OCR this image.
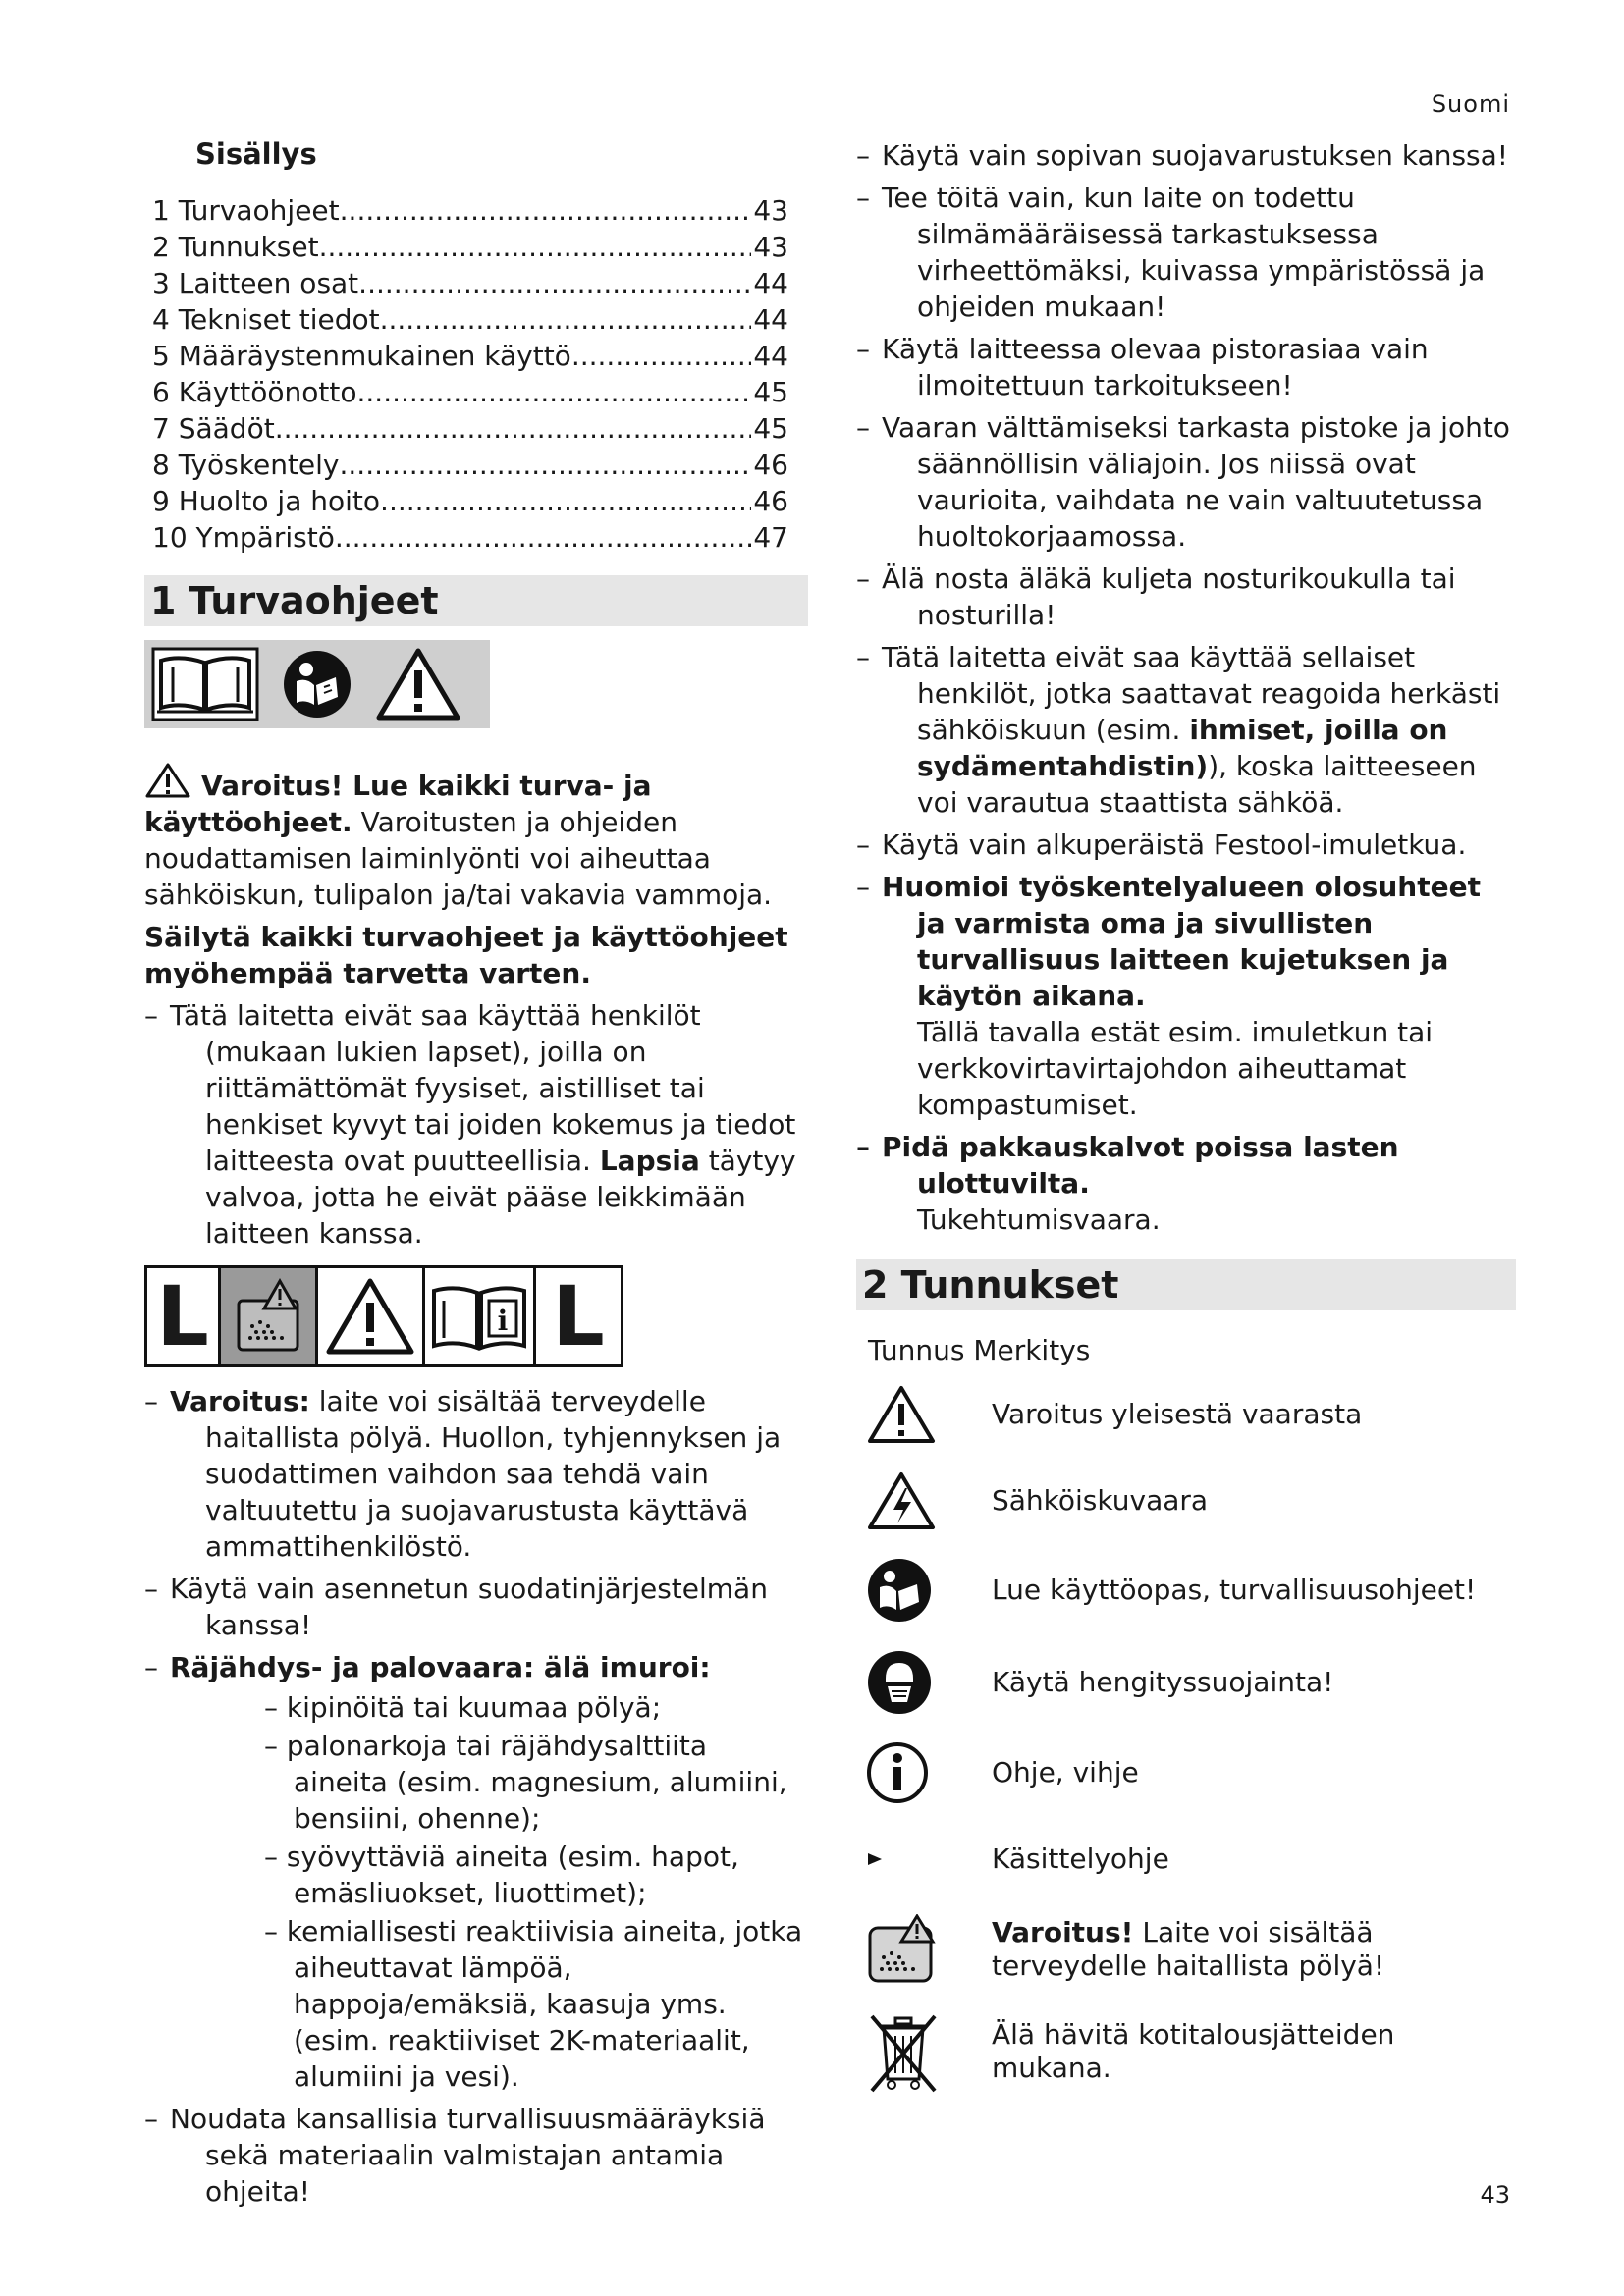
Suomi
Sisällys
1 Turvaohjeet .....	43
2 Tunnukset .....	43
3 Laitteen osat .....	44
4 Tekniset tiedot .....	44
5 Määräystenmukainen käyttö .....	44
6 Käyttöönotto .....	45
7 Säädöt .....	45
8 Työskentely .....	46
9 Huolto ja hoito .....	46
10 Ympäristö .....	47
1 Turvaohjeet

Varoitus! Lue kaikki turva- ja käyttöohjeet. Varoitusten ja ohjeiden noudattamisen laiminlyönti voi aiheuttaa sähköiskun, tulipalon ja/tai vakavia vammoja.

Säilytä kaikki turvaohjeet ja käyttöohjeet myöhempää tarvetta varten.

– Tätä laitetta eivät saa käyttää henkilöt (mukaan lukien lapset), joilla on riittämättömät fyysiset, aistilliset tai henkiset kyvyt tai joiden kokemus ja tiedot laitteesta ovat puutteellisia. Lapsia täytyy valvoa, jotta he eivät pääse leikkimään laitteen kanssa.
L	i L
– Varoitus: laite voi sisältää terveydelle haitallista pölyä. Huollon, tyhjennyksen ja suodattimen vaihdon saa tehdä vain valtuutettu ja suojavarustusta käyttävä ammattihenkilöstö.
– Käytä vain asennetun suodatinjärjestelmän kanssa!
– Räjähdys- ja palovaara: älä imuroi:
– kipinöitä tai kuumaa pölyä;
– palonarkoja tai räjähdysalttiita aineita (esim. magnesium, alumiini, bensiini, ohenne);
– syövyttäviä aineita (esim. hapot, emäsliuokset, liuottimet);
– kemiallisesti reaktiivisia aineita, jotka aiheuttavat lämpöä, happoja/emäksiä, kaasuja yms. (esim. reaktiiviset 2K-materiaalit, alumiini ja vesi).
– Noudata kansallisia turvallisuusmääräyksiä sekä materiaalin valmistajan antamia ohjeita!
– Käytä vain sopivan suojavarustuksen kanssa!
– Tee töitä vain, kun laite on todettu silmämääräisessä tarkastuksessa virheettömäksi, kuivassa ympäristössä ja ohjeiden mukaan!
– Käytä laitteessa olevaa pistorasiaa vain ilmoitettuun tarkoitukseen!
– Vaaran välttämiseksi tarkasta pistoke ja johto säännöllisin väliajoin. Jos niissä ovat vaurioita, vaihdata ne vain valtuutetussa huoltokorjaamossa.
– Älä nosta äläkä kuljeta nosturikoukulla tai nosturilla!
– Tätä laitetta eivät saa käyttää sellaiset henkilöt, jotka saattavat reagoida herkästi sähköiskuun (esim. ihmiset, joilla on sydämentahdistin)), koska laitteeseen voi varautua staattista sähköä.
– Käytä vain alkuperäistä Festool-imuletkua.
– Huomioi työskentelyalueen olosuhteet ja varmista oma ja sivullisten turvallisuus laitteen kujetuksen ja käytön aikana.
Tällä tavalla estät esim. imuletkun tai verkkovirtavirtajohdon aiheuttamat kompastumiset.
– Pidä pakkauskalvot poissa lasten ulottuvilta.
Tukehtumisvaara.
2 Tunnukset
Tunnus Merkitys
Varoitus yleisestä vaarasta
Sähköiskuvaara
Lue käyttöopas, turvallisuusohjeet!
Käytä hengityssuojainta!
Ohje, vihje
Käsittelyohje
Varoitus! Laite voi sisältää terveydelle haitallista pölyä!
Älä hävitä kotitalousjätteiden mukana.
43
